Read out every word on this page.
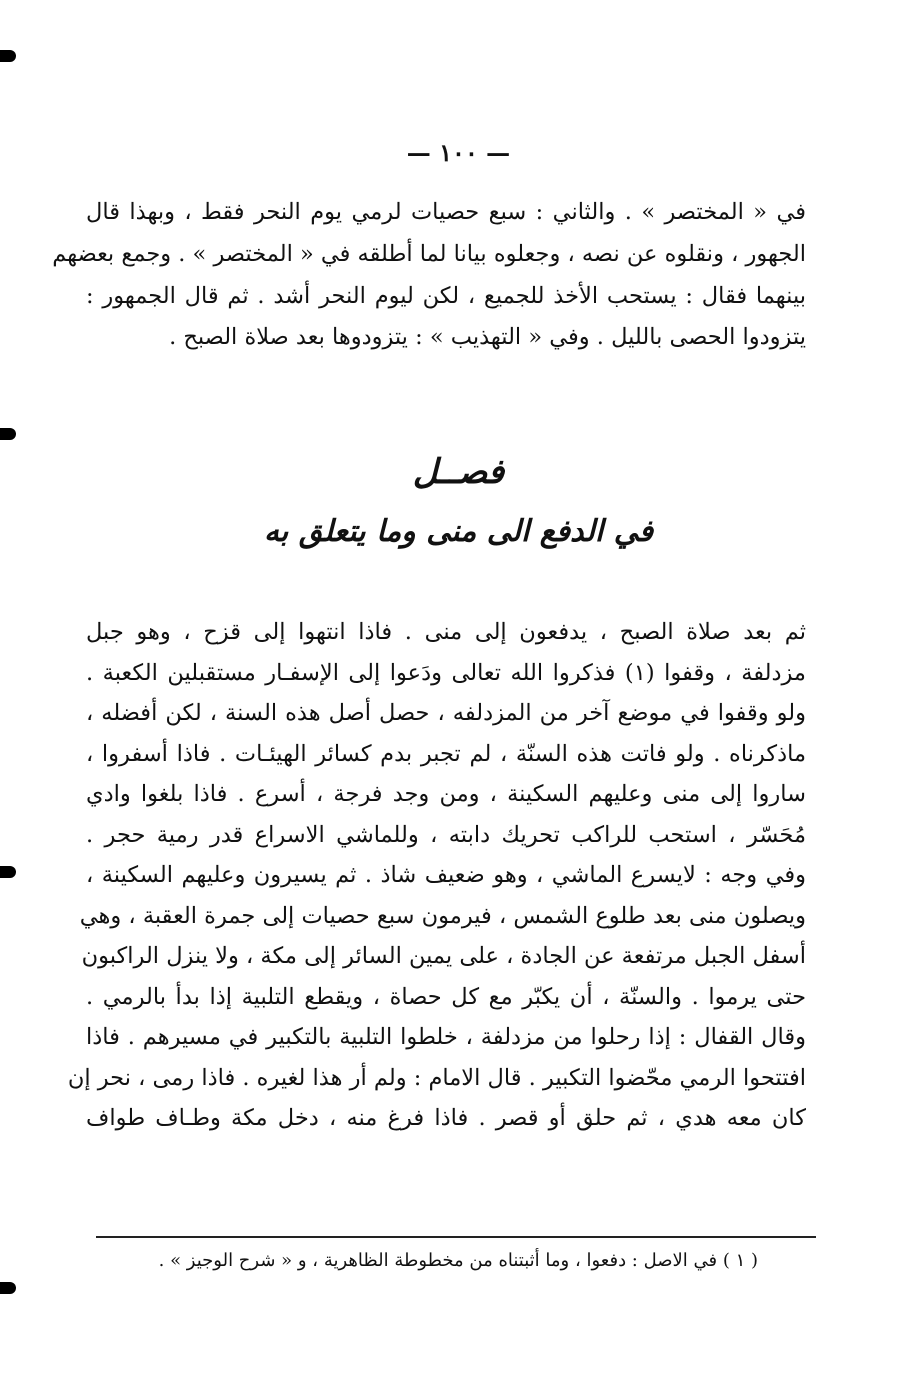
— ١٠٠ —
في « المختصر » . والثاني : سبع حصيات لرمي يوم النحر فقط ، وبهذا قال
الجهور ، ونقلوه عن نصه ، وجعلوه بيانا لما أطلقه في « المختصر » . وجمع بعضهم
بينهما فقال : يستحب الأخذ للجميع ، لكن ليوم النحر أشد . ثم قال الجمهور :
يتزودوا الحصى بالليل . وفي « التهذيب » : يتزودوها بعد صلاة الصبح .
فصــل
في الدفع الى منى وما يتعلق به
ثم بعد صلاة الصبح ، يدفعون إلى منى . فاذا انتهوا إلى قزح ، وهو جبل
مزدلفة ، وقفوا (١) فذكروا الله تعالى ودَعوا إلى الإسفـار مستقبلين الكعبة .
ولو وقفوا في موضع آخر من المزدلفه ، حصل أصل هذه السنة ، لكن أفضله ،
ماذكرناه . ولو فاتت هذه السنّة ، لم تجبر بدم كسائر الهيئـات . فاذا أسفروا ،
ساروا إلى منى وعليهم السكينة ، ومن وجد فرجة ، أسرع . فاذا بلغوا وادي
مُحَسّر ، استحب للراكب تحريك دابته ، وللماشي الاسراع قدر رمية حجر .
وفي وجه : لايسرع الماشي ، وهو ضعيف شاذ . ثم يسيرون وعليهم السكينة ،
ويصلون منى بعد طلوع الشمس ، فيرمون سبع حصيات إلى جمرة العقبة ، وهي
أسفل الجبل مرتفعة عن الجادة ، على يمين السائر إلى مكة ، ولا ينزل الراكبون
حتى يرموا . والسنّة ، أن يكبّر مع كل حصاة ، ويقطع التلبية إذا بدأ بالرمي .
وقال القفال : إذا رحلوا من مزدلفة ، خلطوا التلبية بالتكبير في مسيرهم . فاذا
افتتحوا الرمي محّضوا التكبير . قال الامام : ولم أر هذا لغيره . فاذا رمى ، نحر إن
كان معه هدي ، ثم حلق أو قصر . فاذا فرغ منه ، دخل مكة وطـاف طواف
( ١ ) في الاصل : دفعوا ، وما أثبتناه من مخطوطة الظاهرية ، و « شرح الوجيز » .
